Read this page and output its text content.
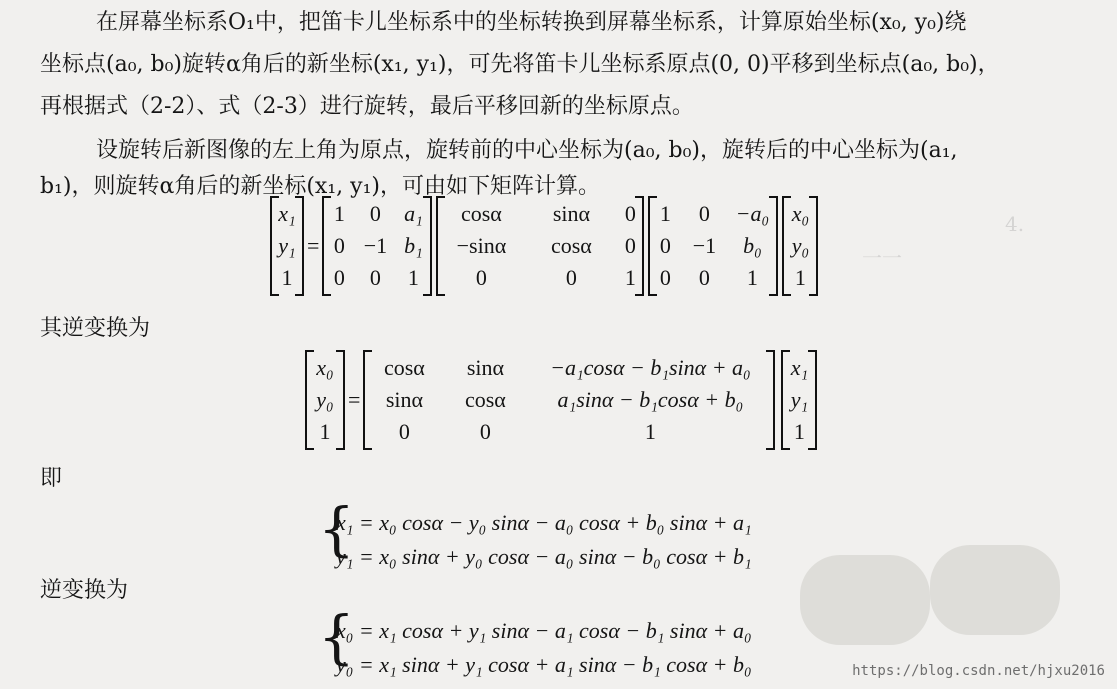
一一
4.
在屏幕坐标系O₁中，把笛卡儿坐标系中的坐标转换到屏幕坐标系，计算原始坐标(x₀, y₀)绕
坐标点(a₀, b₀)旋转α角后的新坐标(x₁, y₁)，可先将笛卡儿坐标系原点(0, 0)平移到坐标点(a₀, b₀)，
再根据式（2-2）、式（2-3）进行旋转，最后平移回新的坐标原点。
设旋转后新图像的左上角为原点，旋转前的中心坐标为(a₀, b₀)，旋转后的中心坐标为(a₁,
b₁)，则旋转α角后的新坐标(x₁, y₁)，可由如下矩阵计算。
x₁
y₁
1
=
1	0	a₁
0 −1 b₁
0	0	1
cosα	sinα	0
−sinα	cosα	0
0	0	1
1	0	−a₀
0 −1	b₀
0	0	1
x₀
y₀
1
其逆变换为
x₀
y₀
1
=
cosα	sinα	−a₁cosα − b₁sinα + a₀
sinα	cosα	a₁sinα − b₁cosα + b₀
0	0	1
x₁
y₁
1
即
{
x₁ = x₀ cosα − y₀ sinα − a₀ cosα + b₀ sinα + a₁
y₁ = x₀ sinα + y₀ cosα − a₀ sinα − b₀ cosα + b₁
逆变换为
{
x₀ = x₁ cosα + y₁ sinα − a₁ cosα − b₁ sinα + a₀
y₀ = x₁ sinα + y₁ cosα + a₁ sinα − b₁ cosα + b₀	https://blog.csdn.net/hjxu2016
